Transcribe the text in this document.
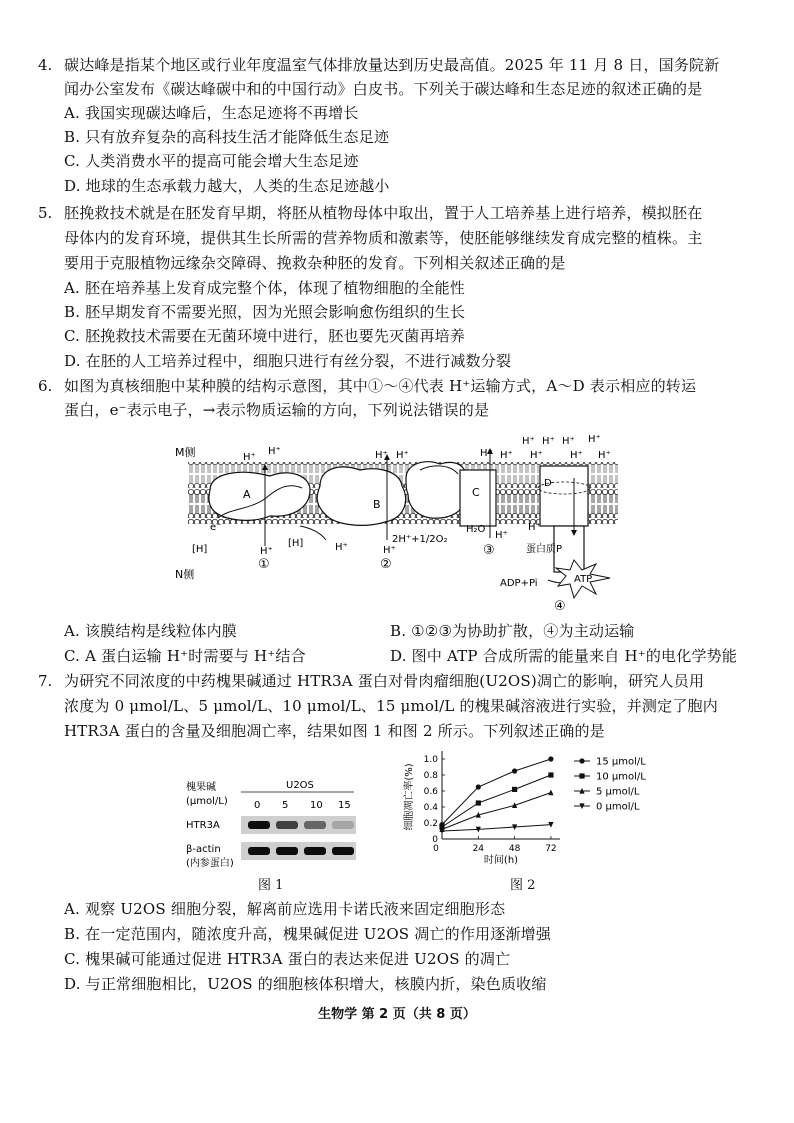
4. 碳达峰是指某个地区或行业年度温室气体排放量达到历史最高值。2025 年 11 月 8 日，国务院新
闻办公室发布《碳达峰碳中和的中国行动》白皮书。下列关于碳达峰和生态足迹的叙述正确的是
A. 我国实现碳达峰后，生态足迹将不再增长
B. 只有放弃复杂的高科技生活才能降低生态足迹
C. 人类消费水平的提高可能会增大生态足迹
D. 地球的生态承载力越大，人类的生态足迹越小
5. 胚挽救技术就是在胚发育早期，将胚从植物母体中取出，置于人工培养基上进行培养，模拟胚在
母体内的发育环境，提供其生长所需的营养物质和激素等，使胚能够继续发育成完整的植株。主
要用于克服植物远缘杂交障碍、挽救杂种胚的发育。下列相关叙述正确的是
A. 胚在培养基上发育成完整个体，体现了植物细胞的全能性
B. 胚早期发育不需要光照，因为光照会影响愈伤组织的生长
C. 胚挽救技术需要在无菌环境中进行，胚也要先灭菌再培养
D. 在胚的人工培养过程中，细胞只进行有丝分裂，不进行减数分裂
6. 如图为真核细胞中某种膜的结构示意图，其中①～④代表 H⁺运输方式，A～D 表示相应的转运
蛋白，e⁻表示电子，→表示物质运输的方向，下列说法错误的是
M侧
N侧
A
e⁻
[H]	H⁺
H⁺
H⁺
①
B
[H]	H⁺
H⁺ H⁺
H⁺
②
C
2H⁺+1/2O₂
H₂O
H⁺ H⁺
H⁺
③
D
H⁺ H⁺ H⁺ H⁺
H⁺	H⁺ H⁺
H⁺
蛋白质P
ADP+Pi	ATP
④
A. 该膜结构是线粒体内膜	B. ①②③为协助扩散，④为主动运输
C. A 蛋白运输 H⁺时需要与 H⁺结合	D. 图中 ATP 合成所需的能量来自 H⁺的电化学势能
7. 为研究不同浓度的中药槐果碱通过 HTR3A 蛋白对骨肉瘤细胞(U2OS)凋亡的影响，研究人员用
浓度为 0 μmol/L、5 μmol/L、10 μmol/L、15 μmol/L 的槐果碱溶液进行实验，并测定了胞内
HTR3A 蛋白的含量及细胞凋亡率，结果如图 1 和图 2 所示。下列叙述正确的是
槐果碱
(μmol/L)
U2OS
0 5 10 15
HTR3A
β-actin
(内参蛋白)
图 1
0
0.2
0.4
0.6
0.8
1.0
0	24	48	72
时间(h)
细胞凋亡率(%)
15 μmol/L
10 μmol/L
5 μmol/L
0 μmol/L
图 2
A. 观察 U2OS 细胞分裂，解离前应选用卡诺氏液来固定细胞形态
B. 在一定范围内，随浓度升高，槐果碱促进 U2OS 凋亡的作用逐渐增强
C. 槐果碱可能通过促进 HTR3A 蛋白的表达来促进 U2OS 的凋亡
D. 与正常细胞相比，U2OS 的细胞核体积增大，核膜内折，染色质收缩
生物学 第 2 页（共 8 页）
